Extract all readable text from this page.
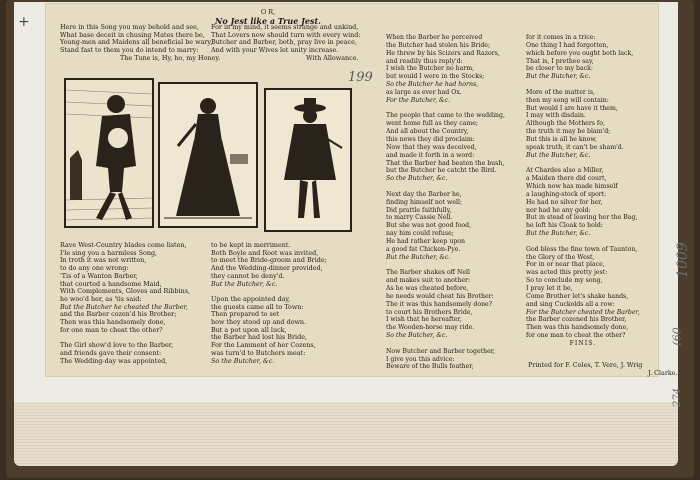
+
O R,
No Jest like a True Jest.
Here in this Song you may behold and see,
What base deceit in chusing Mates there be,
Young-men and Maidens all beneficial be wary,
Stand fast to them you do intend to marry:
The Tune is, Hy, ho, my Honey.
For in my mind, it seems strange and unkind,
That Lovers now should turn with every wind:
Butcher and Barber, both, pray live in peace,
And with your Wives let unity increase.
With Allowance.
199
Rave West-Country blades come listen,
I'le sing you a harmless Song,
In troth it was not written,
to do any one wrong:
'Tis of a Wanton Barber,
that courted a handsome Maid,
With Complements, Gloves and Ribbins,
he woo'd her, as 'tis said:
But the Butcher he cheated the Barber,
and the Barber cozen'd his Brother;
Then was this handsomely done,
for one man to cheat the other?

The Girl show'd love to the Barber,
and friends gave their consent:
The Wedding-day was appointed,
to be kept in merriment.
Both Boyle and Root was invited,
to meet the Bride-groom and Bride;
And the Wedding-dinner provided,
they cannot be deny'd.
But the Butcher, &c.

Upon the appointed day,
the guests came all to Town:
Then prepared to set
how they stood up and down.
But a pot upon all luck,
the Barber had lost his Bride,
For the Lamment of her Cozens,
was turn'd to Butchers meat:
So the Butcher, &c.
When the Barber he perceived
the Butcher had stolen his Bride;
He threw by his Scizers and Razors,
and readily thus reply'd:
I wish the Butcher no harm,
but would I were in the Stocks;
So the Butcher he had horns,
as large as ever had Ox.
For the Butcher, &c.

The people that came to the wedding,
went home full as they came;
And all about the Country,
this news they did proclaim:
Now that they was deceived,
and made it forth in a word:
That the Barber had beaten the bush,
but the Butcher he catcht the Bird.
So the Butcher, &c.

Next day the Barber he,
finding himself not well;
Did prattle faithfully,
to marry Cassie Nell.
But she was not good food,
nay him could refuse;
He had rather keep upon
a good fat Chicken-Pye.
But the Butcher, &c.

The Barber shakes off Nell
and makes suit to another:
As he was cheated before,
he needs would cheat his Brother:
The it was this handsomely done?
to court his Brothers Bride,
I wish that he hereafter,
the Wooden-horse may ride.
So the Butcher, &c.

Now Butcher and Barber together,
I give you this advice:
Beware of the Bulls feather,
for it comes in a trice:
One thing I had forgotten,
which before you ought both lack,
That is, I prethee say,
be closer to my back:
But the Butcher, &c.

More of the matter is,
then my song will contain:
But would I are have it them,
I may with disdain.
Although the Mothers fo,
the truth it may be blam'd;
But this is all he know,
speak truth, it can't be sham'd.
But the Butcher, &c.

At Chardes also a Miller,
a Maiden there did court,
Which now has made himself
a laughing-stock of sport:
He had no silver for her,
nor had he any gold:
But in stead of leaving her the Bag,
he left his Cloak to hold:
But the Butcher, &c.

God bless the fine town of Taunton,
the Glory of the West,
For in or near that place,
was acted this pretty jest:
So to conclude my song,
I pray let it be,
Come Brother let's shake hands,
and sing Cuckolds all a row:
For the Butcher cheated the Barber,
the Barber cozened his Brother,
Then was this handsomely done,
for one man to cheat the other?
FINIS.
Printed for F. Coles, T. Vere, J. Wrig
J. Clarke.
1009
(60
274
